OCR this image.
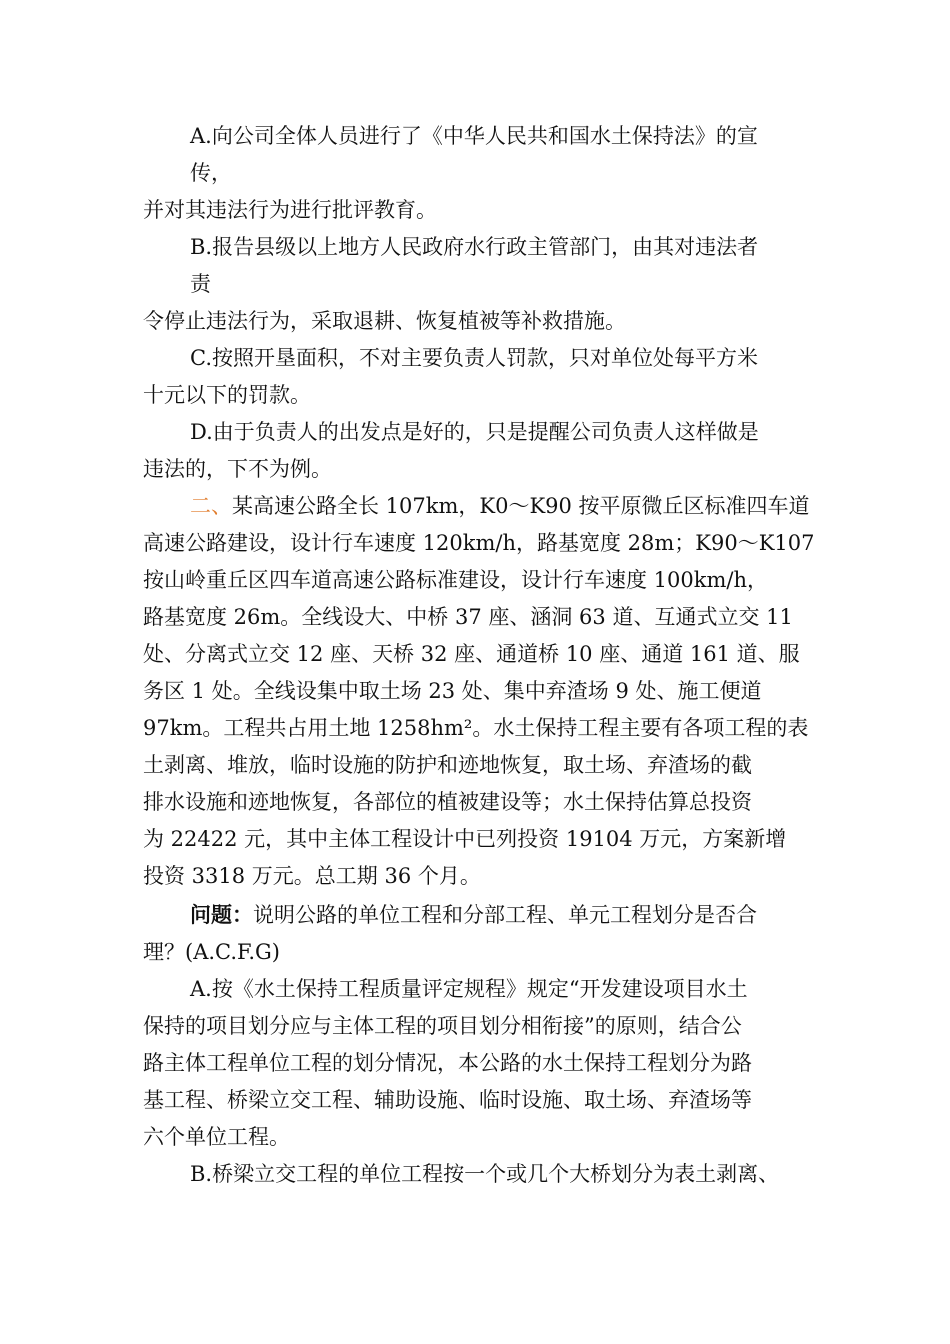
A.向公司全体人员进行了《中华人民共和国水土保持法》的宣
传，
并对其违法行为进行批评教育。
B.报告县级以上地方人民政府水行政主管部门，由其对违法者
责
令停止违法行为，采取退耕、恢复植被等补救措施。
C.按照开垦面积，不对主要负责人罚款，只对单位处每平方米
十元以下的罚款。
D.由于负责人的出发点是好的，只是提醒公司负责人这样做是
违法的，下不为例。
二、某高速公路全长 107km，K0～K90 按平原微丘区标准四车道
高速公路建设，设计行车速度 120km/h，路基宽度 28m；K90～K107
按山岭重丘区四车道高速公路标准建设，设计行车速度 100km/h，
路基宽度 26m。全线设大、中桥 37 座、涵洞 63 道、互通式立交 11
处、分离式立交 12 座、天桥 32 座、通道桥 10 座、通道 161 道、服
务区 1 处。全线设集中取土场 23 处、集中弃渣场 9 处、施工便道
97km。工程共占用土地 1258hm²。水土保持工程主要有各项工程的表
土剥离、堆放，临时设施的防护和迹地恢复，取土场、弃渣场的截
排水设施和迹地恢复，各部位的植被建设等；水土保持估算总投资
为 22422 元，其中主体工程设计中已列投资 19104 万元，方案新增
投资 3318 万元。总工期 36 个月。
问题：说明公路的单位工程和分部工程、单元工程划分是否合
理？(A.C.F.G)
A.按《水土保持工程质量评定规程》规定“开发建设项目水土
保持的项目划分应与主体工程的项目划分相衔接”的原则，结合公
路主体工程单位工程的划分情况，本公路的水土保持工程划分为路
基工程、桥梁立交工程、辅助设施、临时设施、取土场、弃渣场等
六个单位工程。
B.桥梁立交工程的单位工程按一个或几个大桥划分为表土剥离、
